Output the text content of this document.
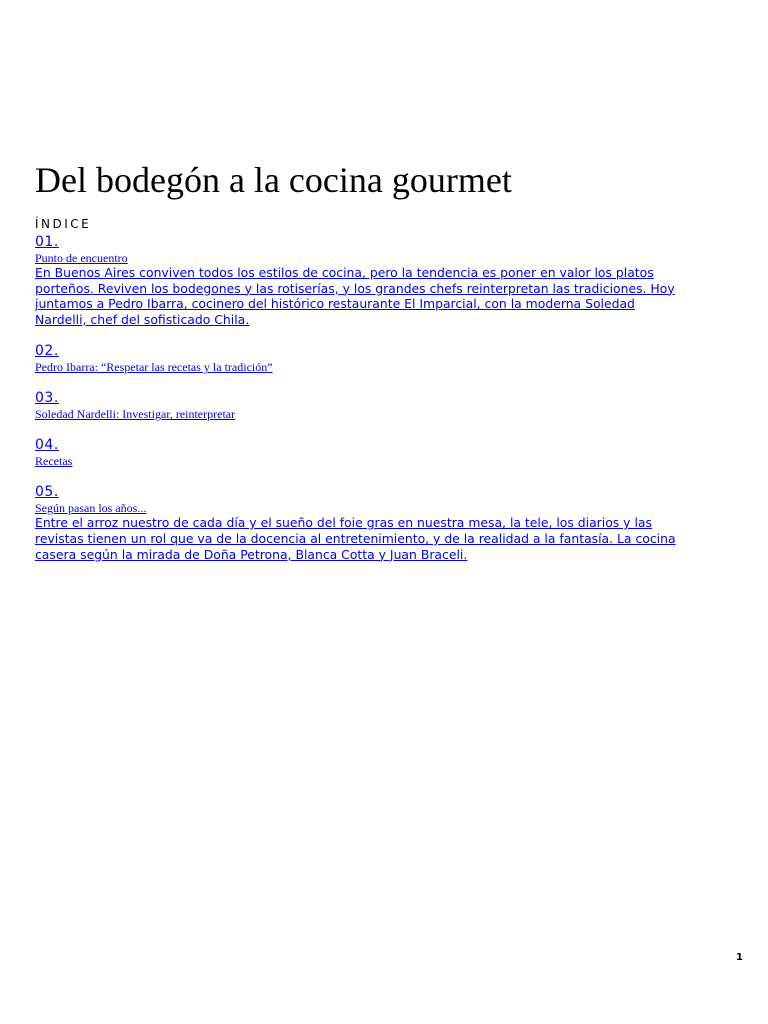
Del bodegón a la cocina gourmet
ÍNDICE
01.
Punto de encuentro
En Buenos Aires conviven todos los estilos de cocina, pero la tendencia es poner en valor los platos
porteños. Reviven los bodegones y las rotiserías, y los grandes chefs reinterpretan las tradiciones. Hoy
juntamos a Pedro Ibarra, cocinero del histórico restaurante El Imparcial, con la moderna Soledad
Nardelli, chef del sofisticado Chila.
02.
Pedro Ibarra: “Respetar las recetas y la tradición”
03.
Soledad Nardelli: Investigar, reinterpretar
04.
Recetas
05.
Según pasan los años...
Entre el arroz nuestro de cada día y el sueño del foie gras en nuestra mesa, la tele, los diarios y las
revistas tienen un rol que va de la docencia al entretenimiento, y de la realidad a la fantasía. La cocina
casera según la mirada de Doña Petrona, Blanca Cotta y Juan Braceli.
1
